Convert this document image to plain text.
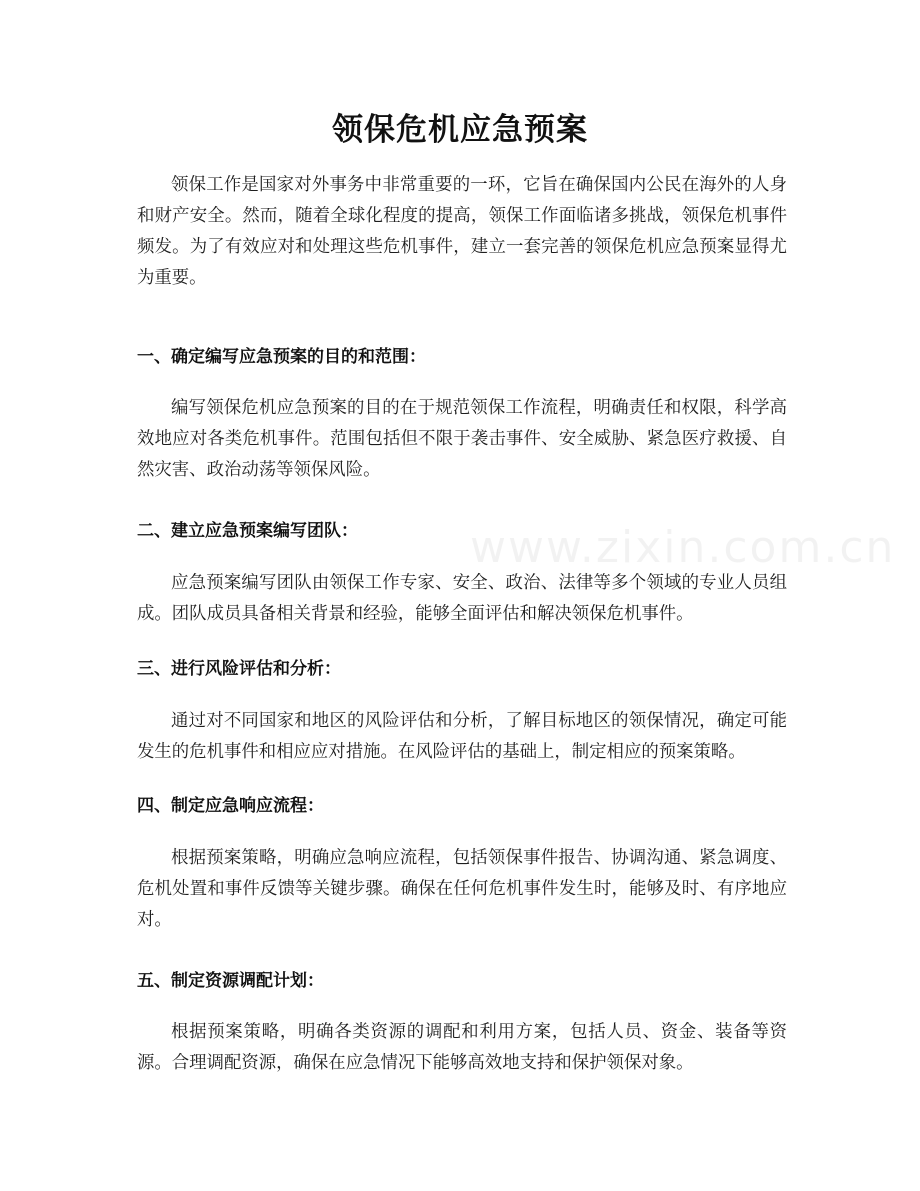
领保危机应急预案

领保工作是国家对外事务中非常重要的一环，它旨在确保国内公民在海外的人身和财产安全。然而，随着全球化程度的提高，领保工作面临诸多挑战，领保危机事件频发。为了有效应对和处理这些危机事件，建立一套完善的领保危机应急预案显得尤为重要。

一、确定编写应急预案的目的和范围：

编写领保危机应急预案的目的在于规范领保工作流程，明确责任和权限，科学高效地应对各类危机事件。范围包括但不限于袭击事件、安全威胁、紧急医疗救援、自然灾害、政治动荡等领保风险。

二、建立应急预案编写团队：

应急预案编写团队由领保工作专家、安全、政治、法律等多个领域的专业人员组成。团队成员具备相关背景和经验，能够全面评估和解决领保危机事件。

三、进行风险评估和分析：

通过对不同国家和地区的风险评估和分析，了解目标地区的领保情况，确定可能发生的危机事件和相应应对措施。在风险评估的基础上，制定相应的预案策略。

四、制定应急响应流程：

根据预案策略，明确应急响应流程，包括领保事件报告、协调沟通、紧急调度、危机处置和事件反馈等关键步骤。确保在任何危机事件发生时，能够及时、有序地应对。

五、制定资源调配计划：

根据预案策略，明确各类资源的调配和利用方案，包括人员、资金、装备等资源。合理调配资源，确保在应急情况下能够高效地支持和保护领保对象。

www.zixin.com.cn
